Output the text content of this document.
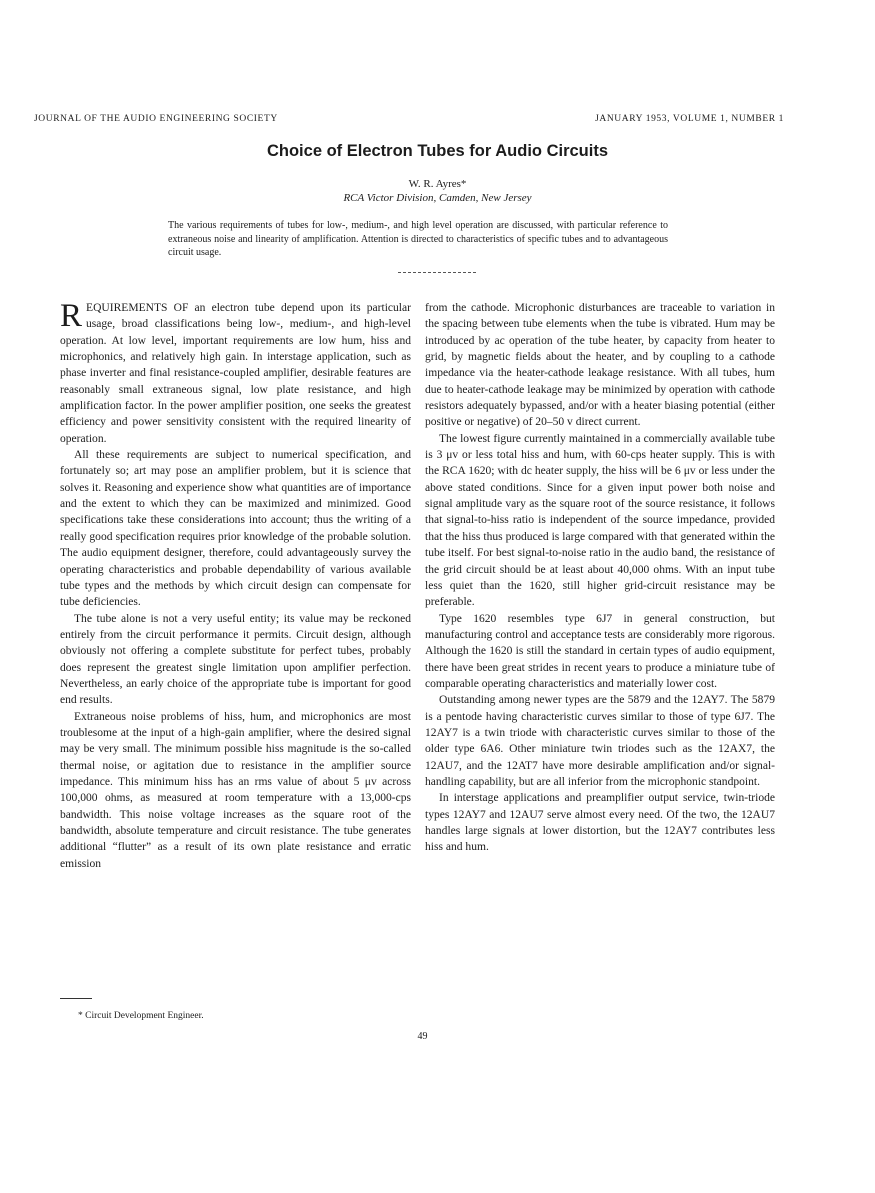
JOURNAL OF THE AUDIO ENGINEERING SOCIETY	JANUARY 1953, VOLUME 1, NUMBER 1
Choice of Electron Tubes for Audio Circuits
W. R. Ayres*
RCA Victor Division, Camden, New Jersey
The various requirements of tubes for low-, medium-, and high level operation are discussed, with particular reference to extraneous noise and linearity of amplification. Attention is directed to characteristics of specific tubes and to advantageous circuit usage.

REQUIREMENTS OF an electron tube depend upon its particular usage, broad classifications being low-, medium-, and high-level operation. At low level, important requirements are low hum, hiss and microphonics, and relatively high gain. In interstage application, such as phase inverter and final resistance-coupled amplifier, desirable features are reasonably small extraneous signal, low plate resistance, and high amplification factor. In the power amplifier position, one seeks the greatest efficiency and power sensitivity consistent with the required linearity of operation.

All these requirements are subject to numerical specification, and fortunately so; art may pose an amplifier problem, but it is science that solves it. Reasoning and experience show what quantities are of importance and the extent to which they can be maximized and minimized. Good specifications take these considerations into account; thus the writing of a really good specification requires prior knowledge of the probable solution. The audio equipment designer, therefore, could advantageously survey the operating characteristics and probable dependability of various available tube types and the methods by which circuit design can compensate for tube deficiencies.

The tube alone is not a very useful entity; its value may be reckoned entirely from the circuit performance it permits. Circuit design, although obviously not offering a complete substitute for perfect tubes, probably does represent the greatest single limitation upon amplifier perfection. Nevertheless, an early choice of the appropriate tube is important for good end results.

Extraneous noise problems of hiss, hum, and microphonics are most troublesome at the input of a high-gain amplifier, where the desired signal may be very small. The minimum possible hiss magnitude is the so-called thermal noise, or agitation due to resistance in the amplifier source impedance. This minimum hiss has an rms value of about 5 μv across 100,000 ohms, as measured at room temperature with a 13,000-cps bandwidth. This noise voltage increases as the square root of the bandwidth, absolute temperature and circuit resistance. The tube generates additional “flutter” as a result of its own plate resistance and erratic emission

from the cathode. Microphonic disturbances are traceable to variation in the spacing between tube elements when the tube is vibrated. Hum may be introduced by ac operation of the tube heater, by capacity from heater to grid, by magnetic fields about the heater, and by coupling to a cathode impedance via the heater-cathode leakage resistance. With all tubes, hum due to heater-cathode leakage may be minimized by operation with cathode resistors adequately bypassed, and/or with a heater biasing potential (either positive or negative) of 20–50 v direct current.

The lowest figure currently maintained in a commercially available tube is 3 μv or less total hiss and hum, with 60-cps heater supply. This is with the RCA 1620; with dc heater supply, the hiss will be 6 μv or less under the above stated conditions. Since for a given input power both noise and signal amplitude vary as the square root of the source resistance, it follows that signal-to-hiss ratio is independent of the source impedance, provided that the hiss thus produced is large compared with that generated within the tube itself. For best signal-to-noise ratio in the audio band, the resistance of the grid circuit should be at least about 40,000 ohms. With an input tube less quiet than the 1620, still higher grid-circuit resistance may be preferable.

Type 1620 resembles type 6J7 in general construction, but manufacturing control and acceptance tests are considerably more rigorous. Although the 1620 is still the standard in certain types of audio equipment, there have been great strides in recent years to produce a miniature tube of comparable operating characteristics and materially lower cost.

Outstanding among newer types are the 5879 and the 12AY7. The 5879 is a pentode having characteristic curves similar to those of type 6J7. The 12AY7 is a twin triode with characteristic curves similar to those of the older type 6A6. Other miniature twin triodes such as the 12AX7, the 12AU7, and the 12AT7 have more desirable amplification and/or signal-handling capability, but are all inferior from the microphonic standpoint.

In interstage applications and preamplifier output service, twin-triode types 12AY7 and 12AU7 serve almost every need. Of the two, the 12AU7 handles large signals at lower distortion, but the 12AY7 contributes less hiss and hum.

* Circuit Development Engineer.
49
